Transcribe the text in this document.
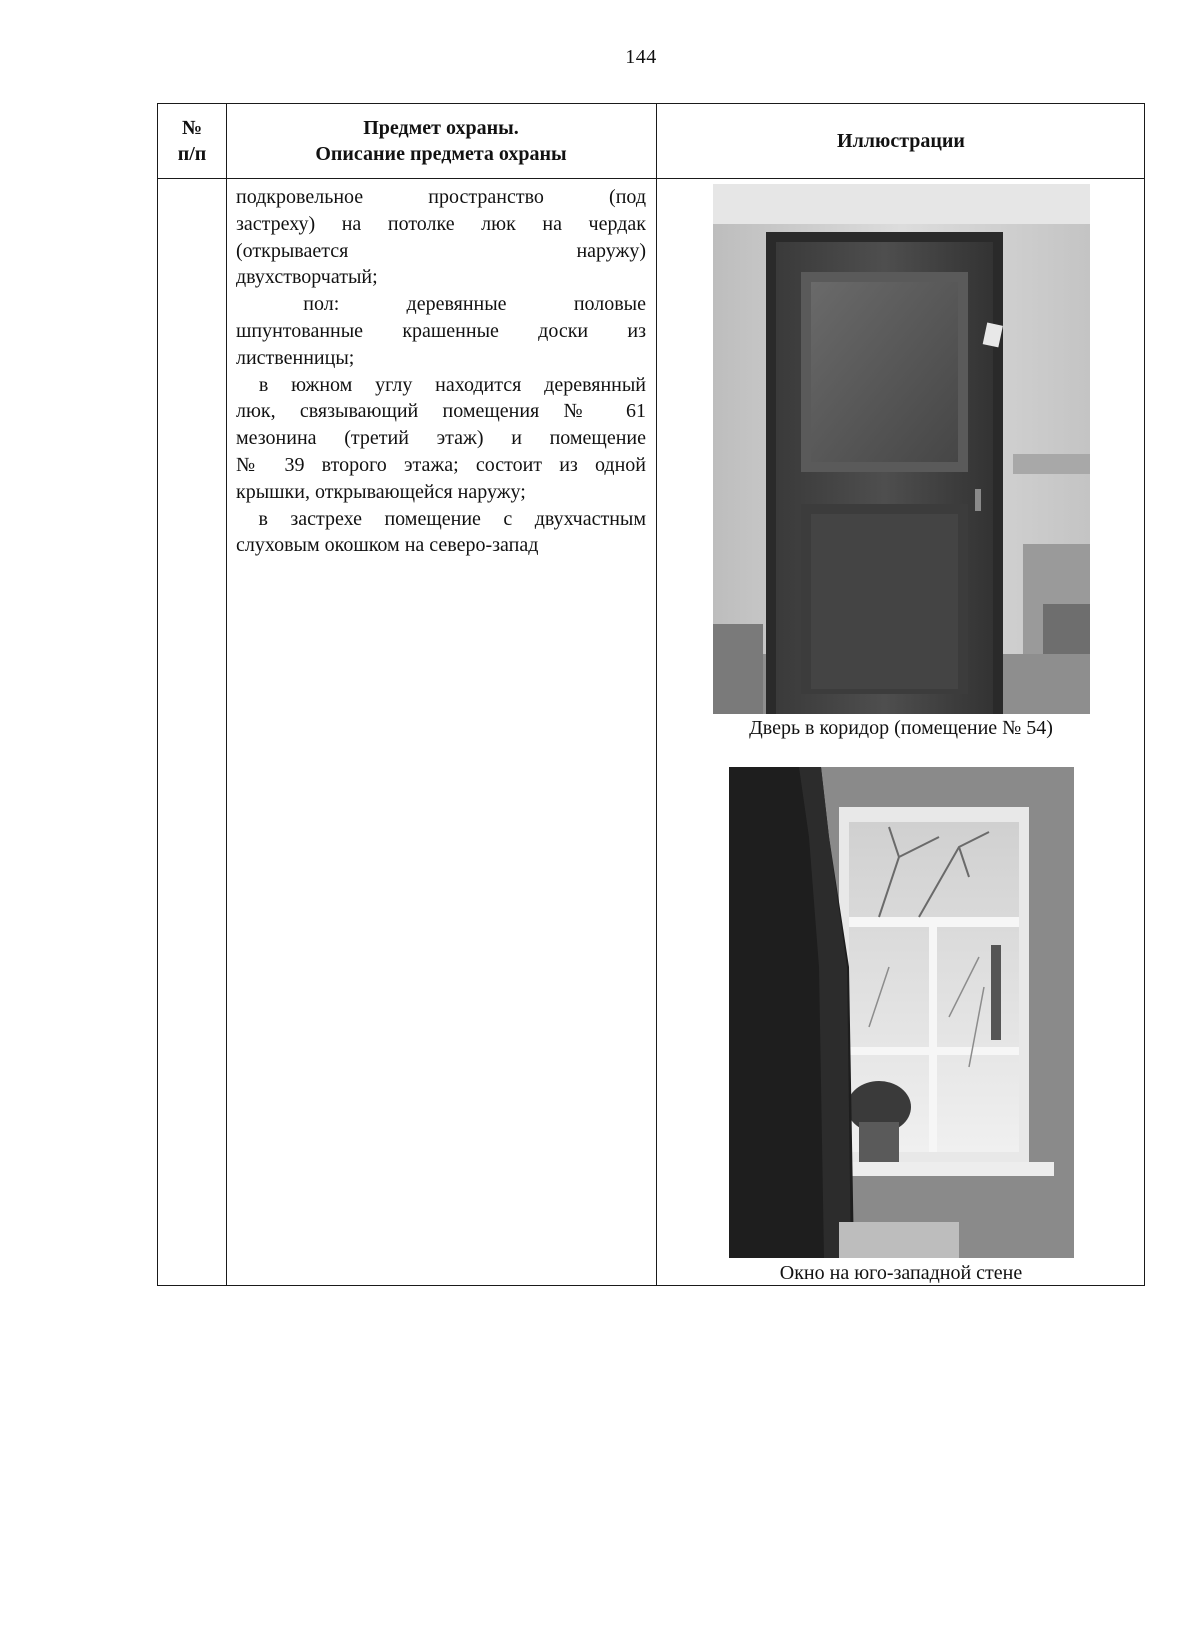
144
№
п/п
Предмет охраны.
Описание предмета охраны
Иллюстрации

подкровельное пространство (под

застреху) на потолке люк на чердак

(открывается наружу)

двухстворчатый;

пол: деревянные половые

шпунтованные крашенные доски из

лиственницы;

в южном углу находится деревянный

люк, связывающий помещения № 61

мезонина (третий этаж) и помещение

№ 39 второго этажа; состоит из одной

крышки, открывающейся наружу;

в застрехе помещение с двухчастным

слуховым окошком на северо-запад

Дверь в коридор (помещение № 54)
Окно на юго-западной стене
